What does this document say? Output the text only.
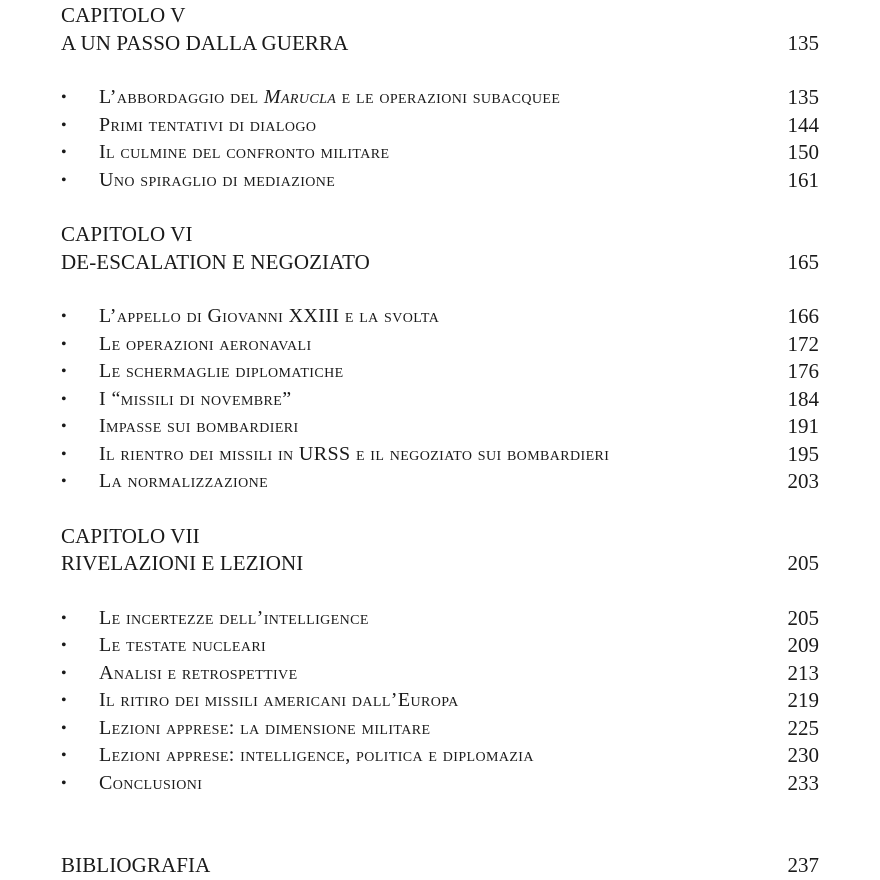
CAPITOLO V
A UN PASSO DALLA GUERRA	135
• L’abbordaggio del Marucla e le operazioni subacquee	135
• Primi tentativi di dialogo	144
• Il culmine del confronto militare	150
• Uno spiraglio di mediazione	161
CAPITOLO VI
DE-ESCALATION E NEGOZIATO	165
• L’appello di Giovanni XXIII e la svolta	166
• Le operazioni aeronavali	172
• Le schermaglie diplomatiche	176
• I “missili di novembre”	184
• Impasse sui bombardieri	191
• Il rientro dei missili in URSS e il negoziato sui bombardieri	195
• La normalizzazione	203
CAPITOLO VII
RIVELAZIONI E LEZIONI	205
• Le incertezze dell’intelligence	205
• Le testate nucleari	209
• Analisi e retrospettive	213
• Il ritiro dei missili americani dall’Europa	219
• Lezioni apprese: la dimensione militare	225
• Lezioni apprese: intelligence, politica e diplomazia	230
• Conclusioni	233
BIBLIOGRAFIA	237
